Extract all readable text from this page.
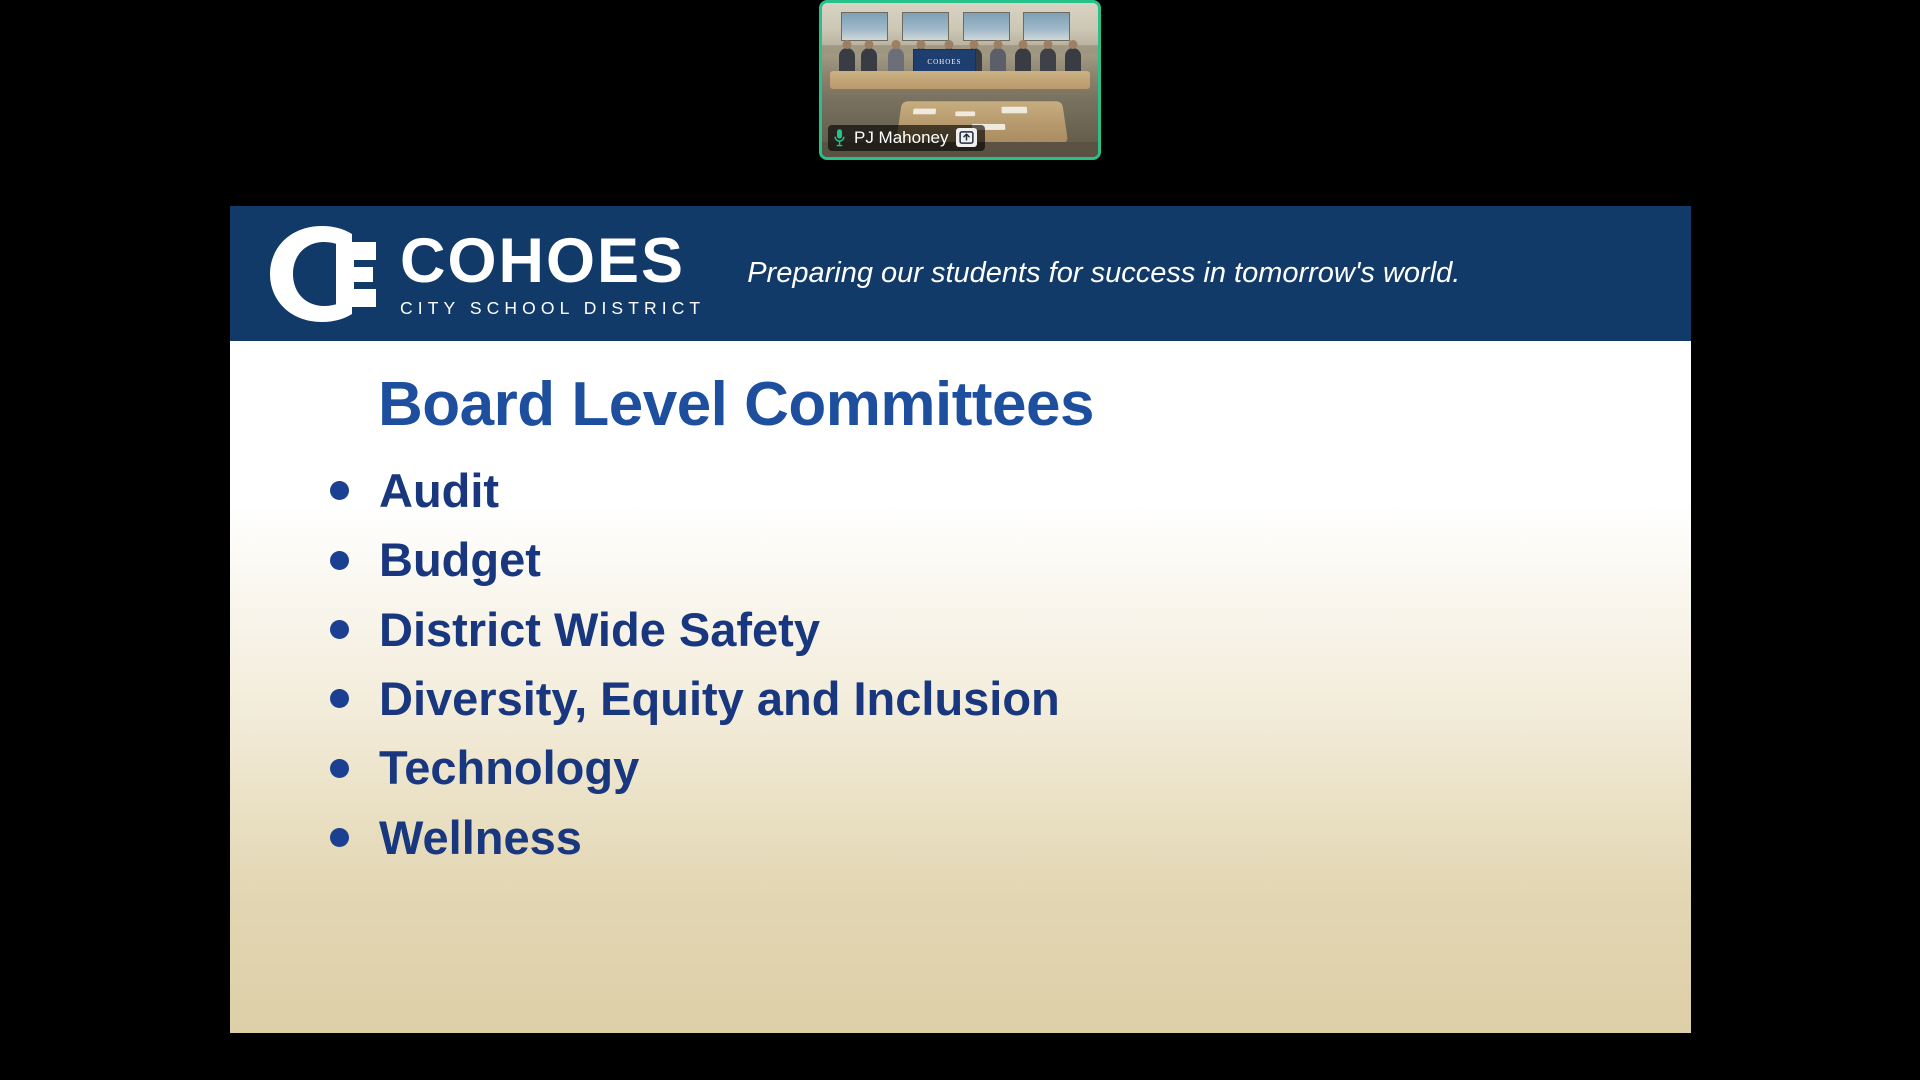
COHOES
PJ Mahoney
COHOES
CITY SCHOOL DISTRICT
Preparing our students for success in tomorrow's world.
Board Level Committees
Audit
Budget
District Wide Safety
Diversity, Equity and Inclusion
Technology
Wellness
